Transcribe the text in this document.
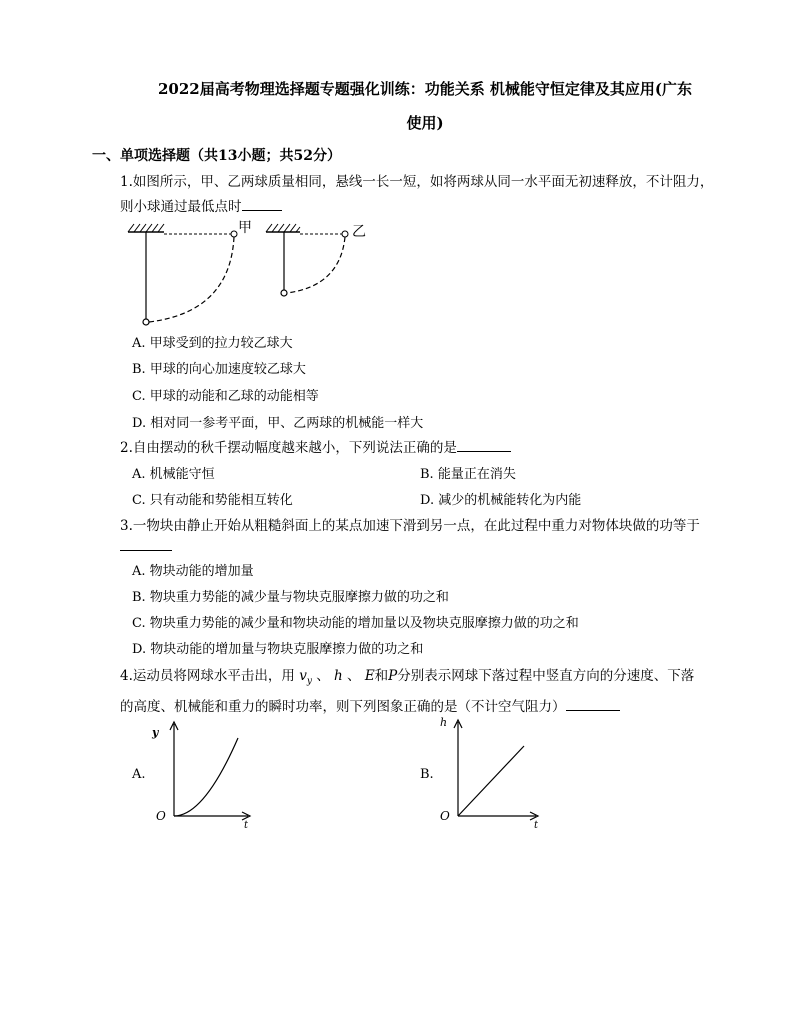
2022届高考物理选择题专题强化训练：功能关系 机械能守恒定律及其应用(广东
使用)
一、单项选择题（共13小题；共52分）
1.如图所示，甲、乙两球质量相同，悬线一长一短，如将两球从同一水平面无初速释放，不计阻力，
则小球通过最低点时
甲	乙
A. 甲球受到的拉力较乙球大
B. 甲球的向心加速度较乙球大
C. 甲球的动能和乙球的动能相等
D. 相对同一参考平面，甲、乙两球的机械能一样大
2.自由摆动的秋千摆动幅度越来越小，下列说法正确的是
A. 机械能守恒	B. 能量正在消失
C. 只有动能和势能相互转化	D. 减少的机械能转化为内能
3.一物块由静止开始从粗糙斜面上的某点加速下滑到另一点，在此过程中重力对物体块做的功等于
A. 物块动能的增加量
B. 物块重力势能的减少量与物块克服摩擦力做的功之和
C. 物块重力势能的减少量和物块动能的增加量以及物块克服摩擦力做的功之和
D. 物块动能的增加量与物块克服摩擦力做的功之和
4.运动员将网球水平击出，用 $v_y$ 、 h 、 E和P分别表示网球下落过程中竖直方向的分速度、下落
的高度、机械能和重力的瞬时功率，则下列图象正确的是（不计空气阻力）
A.
y
O
t
B.
h
O
t
